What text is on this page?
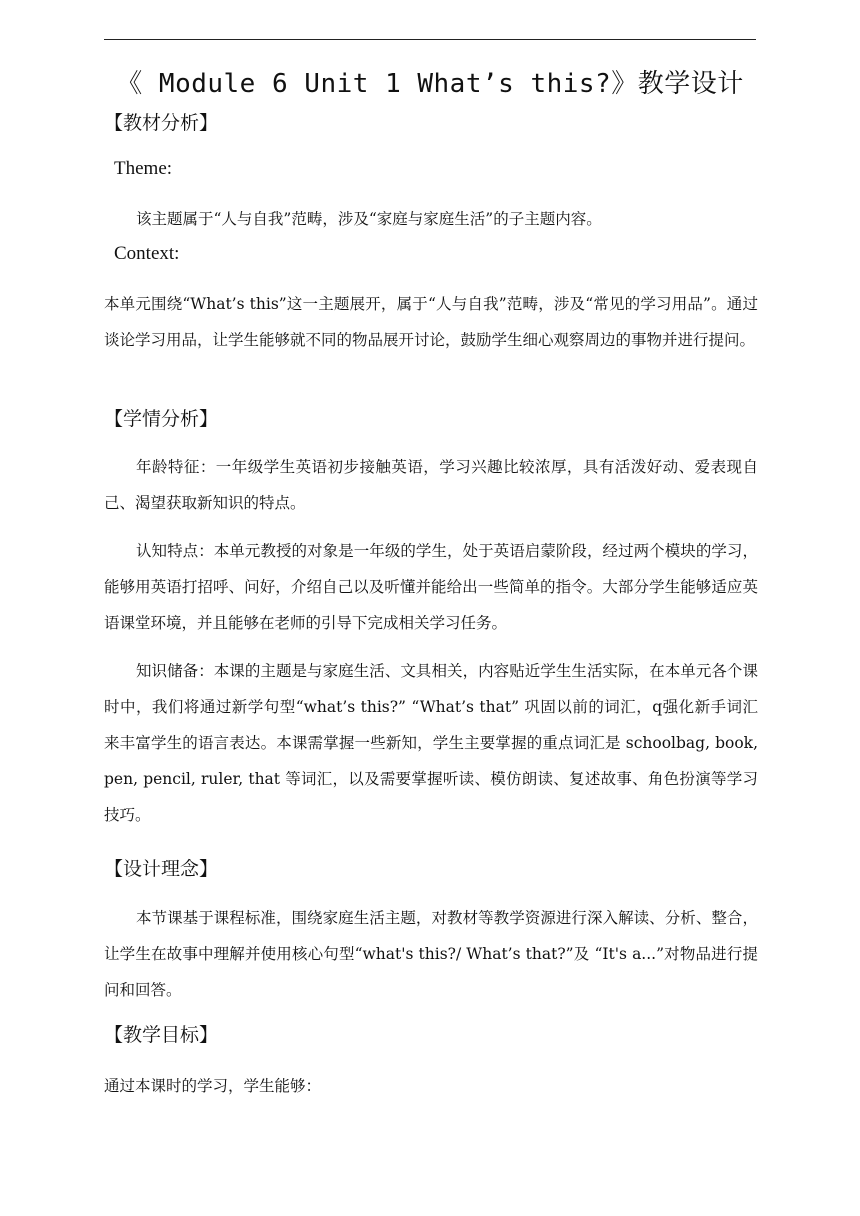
《 Module 6 Unit 1 What’s this?》教学设计
【教材分析】
Theme:
该主题属于“人与自我”范畴，涉及“家庭与家庭生活”的子主题内容。
Context:
本单元围绕“What’s this”这一主题展开，属于“人与自我”范畴，涉及“常见的学习用品”。通过谈论学习用品，让学生能够就不同的物品展开讨论，鼓励学生细心观察周边的事物并进行提问。
【学情分析】
年龄特征：一年级学生英语初步接触英语，学习兴趣比较浓厚，具有活泼好动、爱表现自己、渴望获取新知识的特点。
认知特点：本单元教授的对象是一年级的学生，处于英语启蒙阶段，经过两个模块的学习，能够用英语打招呼、问好，介绍自己以及听懂并能给出一些简单的指令。大部分学生能够适应英语课堂环境，并且能够在老师的引导下完成相关学习任务。
知识储备：本课的主题是与家庭生活、文具相关，内容贴近学生生活实际，在本单元各个课时中，我们将通过新学句型“what’s this?” “What’s that” 巩固以前的词汇，q强化新手词汇来丰富学生的语言表达。本课需掌握一些新知，学生主要掌握的重点词汇是 schoolbag, book, pen, pencil, ruler, that 等词汇，以及需要掌握听读、模仿朗读、复述故事、角色扮演等学习技巧。
【设计理念】
本节课基于课程标准，围绕家庭生活主题，对教材等教学资源进行深入解读、分析、整合，让学生在故事中理解并使用核心句型“what's this?/ What’s that?”及 “It's a...”对物品进行提问和回答。
【教学目标】
通过本课时的学习，学生能够：
